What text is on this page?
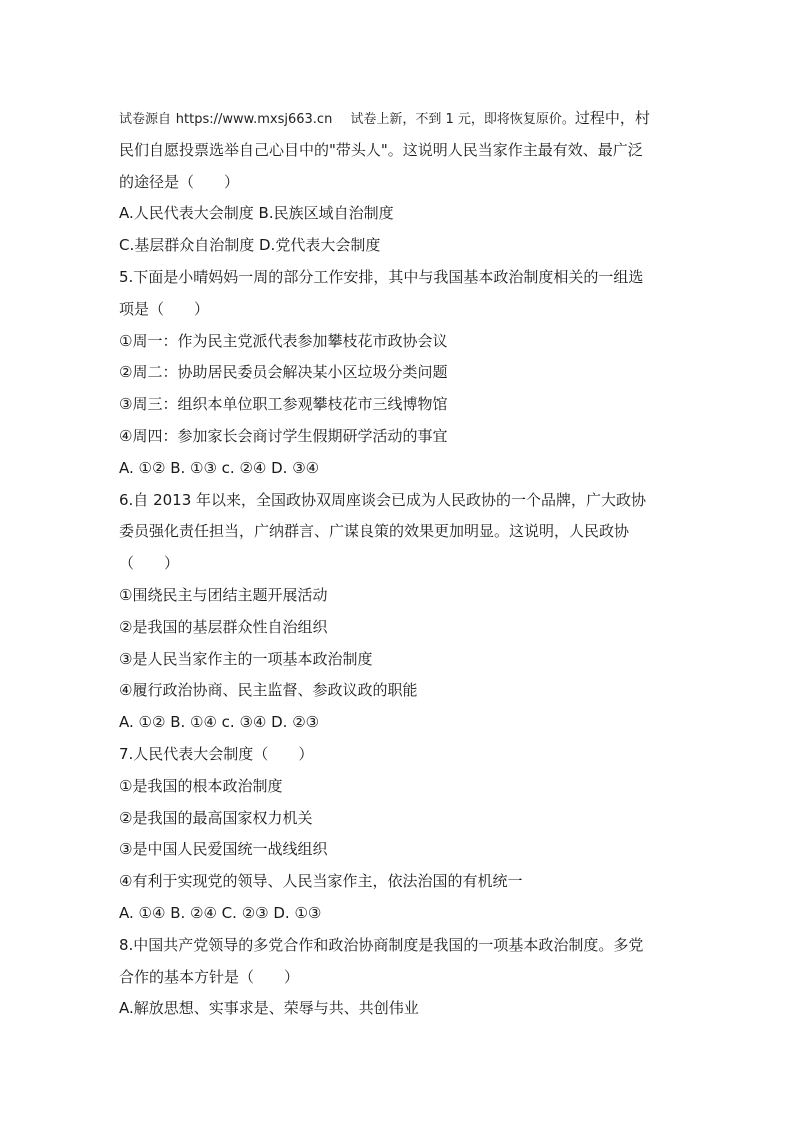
试卷源自 https://www.mxsj663.cn 试卷上新，不到 1 元，即将恢复原价。过程中，村
民们自愿投票选举自己心目中的"带头人"。这说明人民当家作主最有效、最广泛
的途径是（　　）
A.人民代表大会制度 B.民族区域自治制度
C.基层群众自治制度 D.党代表大会制度
5.下面是小晴妈妈一周的部分工作安排，其中与我国基本政治制度相关的一组选
项是（　　）
①周一：作为民主党派代表参加攀枝花市政协会议
②周二：协助居民委员会解决某小区垃圾分类问题
③周三：组织本单位职工参观攀枝花市三线博物馆
④周四：参加家长会商讨学生假期研学活动的事宜
A. ①② B. ①③ c. ②④ D. ③④
6.自 2013 年以来，全国政协双周座谈会已成为人民政协的一个品牌，广大政协
委员强化责任担当，广纳群言、广谋良策的效果更加明显。这说明，人民政协
（　　）
①围绕民主与团结主题开展活动
②是我国的基层群众性自治组织
③是人民当家作主的一项基本政治制度
④履行政治协商、民主监督、参政议政的职能
A. ①② B. ①④ c. ③④ D. ②③
7.人民代表大会制度（　　）
①是我国的根本政治制度
②是我国的最高国家权力机关
③是中国人民爱国统一战线组织
④有利于实现党的领导、人民当家作主，依法治国的有机统一
A. ①④ B. ②④ C. ②③ D. ①③
8.中国共产党领导的多党合作和政治协商制度是我国的一项基本政治制度。多党
合作的基本方针是（　　）
A.解放思想、实事求是、荣辱与共、共创伟业
